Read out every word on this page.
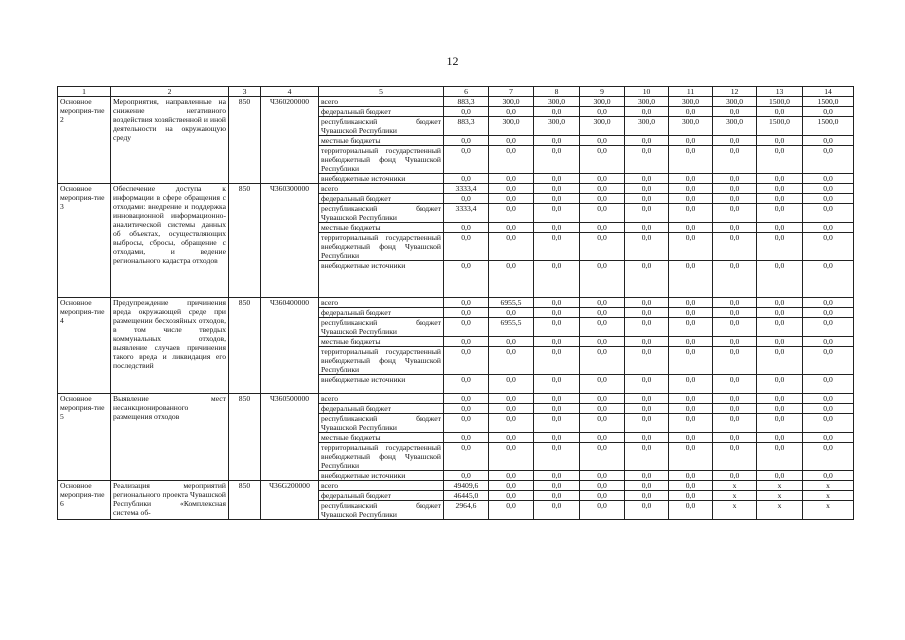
12
1	2	3	4	5	6	7	8	9	10	11	12	13	14
Основное мероприя-тие 2	Мероприятия, направленные на снижение негативного воздействия хозяйственной и иной деятельности на окружающую среду	850	Ч360200000	всего	883,3	300,0	300,0	300,0	300,0	300,0	300,0	1500,0	1500,0
				федеральный бюджет	0,0	0,0	0,0	0,0	0,0	0,0	0,0	0,0	0,0
				республиканский бюджет Чувашской Республики	883,3	300,0	300,0	300,0	300,0	300,0	300,0	1500,0	1500,0
				местные бюджеты	0,0	0,0	0,0	0,0	0,0	0,0	0,0	0,0	0,0
				территориальный государственный внебюджетный фонд Чувашской Республики	0,0	0,0	0,0	0,0	0,0	0,0	0,0	0,0	0,0
				внебюджетные источники	0,0	0,0	0,0	0,0	0,0	0,0	0,0	0,0	0,0
Основное мероприя-тие 3	Обеспечение доступа к информации в сфере обращения с отходами: внедрение и поддержка инновационной информационно-аналитической системы данных об объектах, осуществляющих выбросы, сбросы, обращение с отходами, и ведение регионального кадастра отходов	850	Ч360300000	всего	3333,4	0,0	0,0	0,0	0,0	0,0	0,0	0,0	0,0
				федеральный бюджет	0,0	0,0	0,0	0,0	0,0	0,0	0,0	0,0	0,0
				республиканский бюджет Чувашской Республики	3333,4	0,0	0,0	0,0	0,0	0,0	0,0	0,0	0,0
				местные бюджеты	0,0	0,0	0,0	0,0	0,0	0,0	0,0	0,0	0,0
				территориальный государственный внебюджетный фонд Чувашской Республики	0,0	0,0	0,0	0,0	0,0	0,0	0,0	0,0	0,0
				внебюджетные источники	0,0	0,0	0,0	0,0	0,0	0,0	0,0	0,0	0,0
Основное мероприя-тие 4	Предупреждение причинения вреда окружающей среде при размещении бесхозяйных отходов, в том числе твердых коммунальных отходов, выявление случаев причинения такого вреда и ликвидация его последствий	850	Ч360400000	всего	0,0	6955,5	0,0	0,0	0,0	0,0	0,0	0,0	0,0
				федеральный бюджет	0,0	0,0	0,0	0,0	0,0	0,0	0,0	0,0	0,0
				республиканский бюджет Чувашской Республики	0,0	6955,5	0,0	0,0	0,0	0,0	0,0	0,0	0,0
				местные бюджеты	0,0	0,0	0,0	0,0	0,0	0,0	0,0	0,0	0,0
				территориальный государственный внебюджетный фонд Чувашской Республики	0,0	0,0	0,0	0,0	0,0	0,0	0,0	0,0	0,0
				внебюджетные источники	0,0	0,0	0,0	0,0	0,0	0,0	0,0	0,0	0,0
Основное мероприя-тие 5	Выявление мест несанкционированного размещения отходов	850	Ч360500000	всего	0,0	0,0	0,0	0,0	0,0	0,0	0,0	0,0	0,0
				федеральный бюджет	0,0	0,0	0,0	0,0	0,0	0,0	0,0	0,0	0,0
				республиканский бюджет Чувашской Республики	0,0	0,0	0,0	0,0	0,0	0,0	0,0	0,0	0,0
				местные бюджеты	0,0	0,0	0,0	0,0	0,0	0,0	0,0	0,0	0,0
				территориальный государственный внебюджетный фонд Чувашской Республики	0,0	0,0	0,0	0,0	0,0	0,0	0,0	0,0	0,0
				внебюджетные источники	0,0	0,0	0,0	0,0	0,0	0,0	0,0	0,0	0,0
Основное мероприя-тие 6	Реализация мероприятий регионального проекта Чувашской Республики «Комплексная система об-	850	Ч36G200000	всего	49409,6	0,0	0,0	0,0	0,0	0,0	x	x	x
				федеральный бюджет	46445,0	0,0	0,0	0,0	0,0	0,0	x	x	x
				республиканский бюджет Чувашской Республики	2964,6	0,0	0,0	0,0	0,0	0,0	x	x	x
